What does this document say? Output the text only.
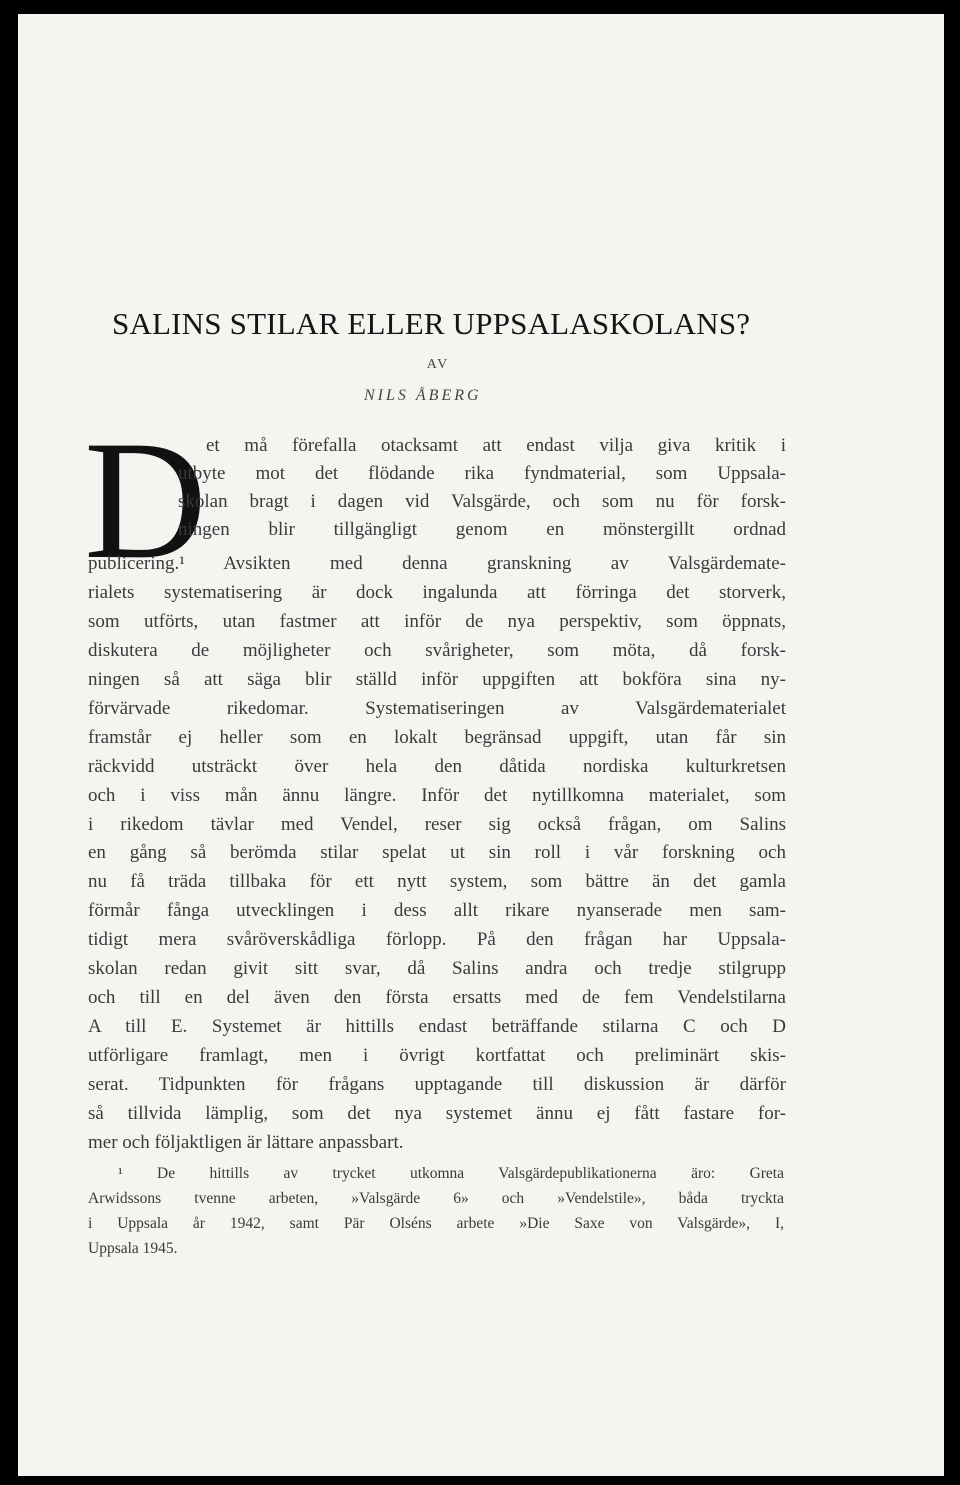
SALINS STILAR ELLER UPPSALASKOLANS?
AV
NILS ÅBERG
D et må förefalla otacksamt att endast vilja giva kritik i
utbyte mot det flödande rika fyndmaterial, som Uppsala-
skolan bragt i dagen vid Valsgärde, och som nu för forsk-
ningen blir tillgängligt genom en mönstergillt ordnad
publicering.¹ Avsikten med denna granskning av Valsgärdemate-
rialets systematisering är dock ingalunda att förringa det storverk,
som utförts, utan fastmer att inför de nya perspektiv, som öppnats,
diskutera de möjligheter och svårigheter, som möta, då forsk-
ningen så att säga blir ställd inför uppgiften att bokföra sina ny-
förvärvade rikedomar. Systematiseringen av Valsgärdematerialet
framstår ej heller som en lokalt begränsad uppgift, utan får sin
räckvidd utsträckt över hela den dåtida nordiska kulturkretsen
och i viss mån ännu längre. Inför det nytillkomna materialet, som
i rikedom tävlar med Vendel, reser sig också frågan, om Salins
en gång så berömda stilar spelat ut sin roll i vår forskning och
nu få träda tillbaka för ett nytt system, som bättre än det gamla
förmår fånga utvecklingen i dess allt rikare nyanserade men sam-
tidigt mera svåröverskådliga förlopp. På den frågan har Uppsala-
skolan redan givit sitt svar, då Salins andra och tredje stilgrupp
och till en del även den första ersatts med de fem Vendelstilarna
A till E. Systemet är hittills endast beträffande stilarna C och D
utförligare framlagt, men i övrigt kortfattat och preliminärt skis-
serat. Tidpunkten för frågans upptagande till diskussion är därför
så tillvida lämplig, som det nya systemet ännu ej fått fastare for-
mer och följaktligen är lättare anpassbart.
¹ De hittills av trycket utkomna Valsgärdepublikationerna äro: Greta
Arwidssons tvenne arbeten, »Valsgärde 6» och »Vendelstile», båda tryckta
i Uppsala år 1942, samt Pär Olséns arbete »Die Saxe von Valsgärde», I,
Uppsala 1945.
